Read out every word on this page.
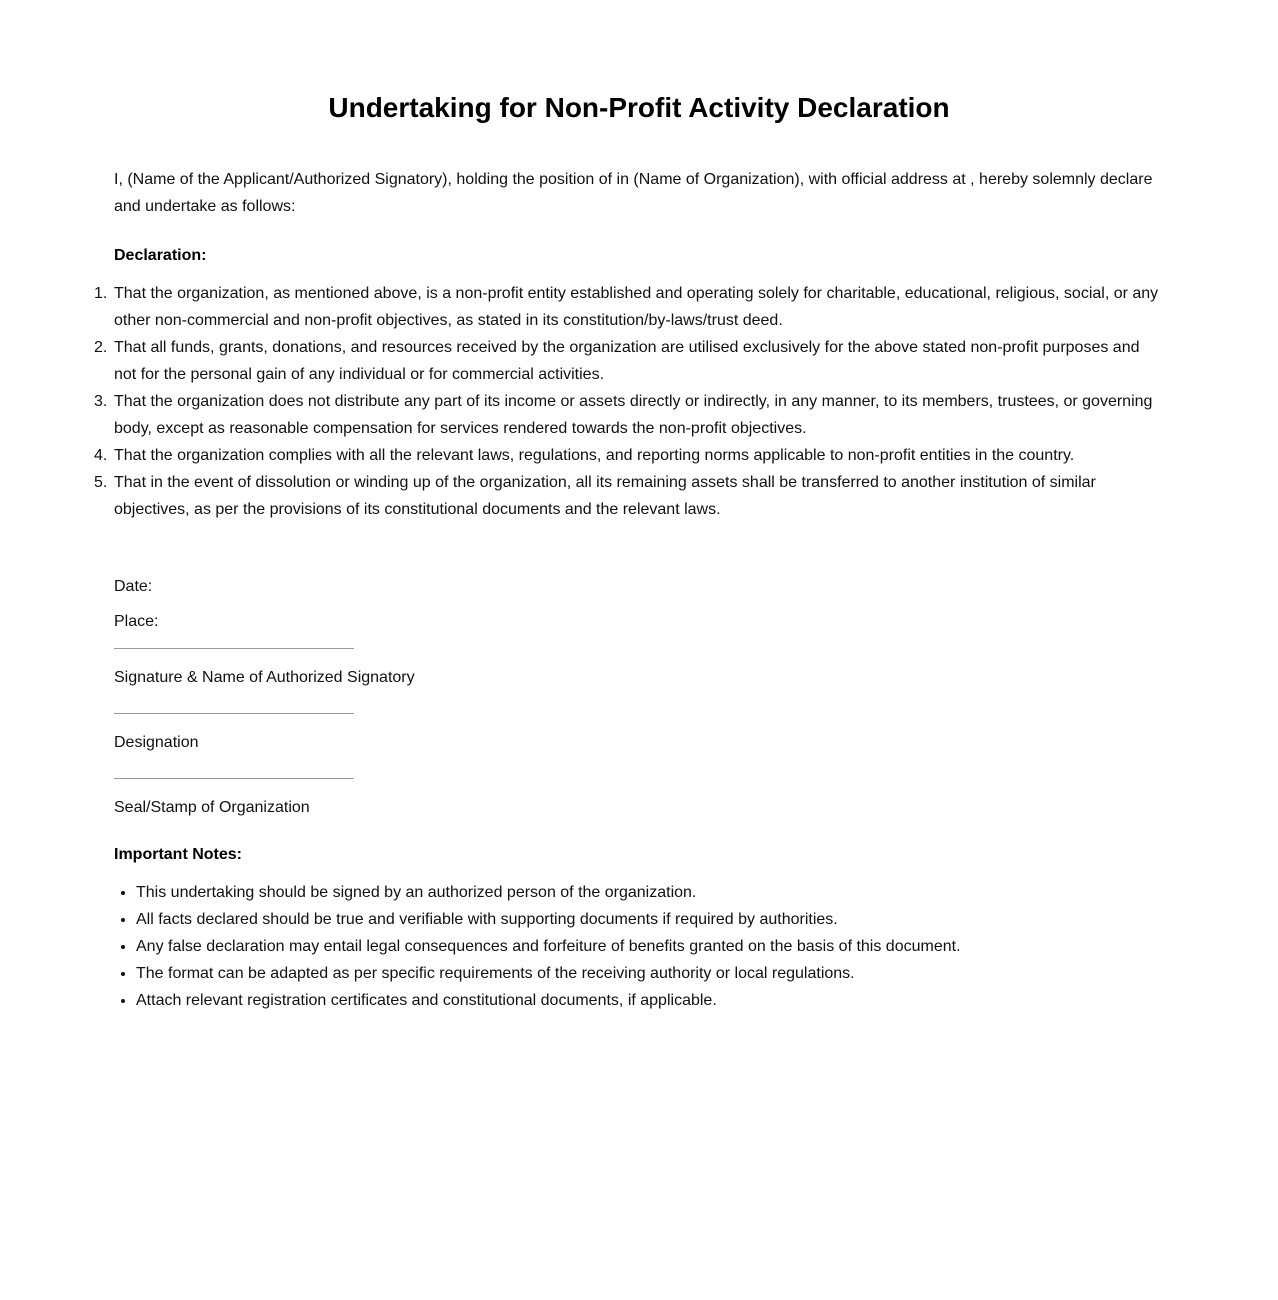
Undertaking for Non-Profit Activity Declaration

I, (Name of the Applicant/Authorized Signatory), holding the position of in (Name of Organization), with official address at , hereby solemnly declare and undertake as follows:

Declaration:
That the organization, as mentioned above, is a non-profit entity established and operating solely for charitable, educational, religious, social, or any other non-commercial and non-profit objectives, as stated in its constitution/by-laws/trust deed.
That all funds, grants, donations, and resources received by the organization are utilised exclusively for the above stated non-profit purposes and not for the personal gain of any individual or for commercial activities.
That the organization does not distribute any part of its income or assets directly or indirectly, in any manner, to its members, trustees, or governing body, except as reasonable compensation for services rendered towards the non-profit objectives.
That the organization complies with all the relevant laws, regulations, and reporting norms applicable to non-profit entities in the country.
That in the event of dissolution or winding up of the organization, all its remaining assets shall be transferred to another institution of similar objectives, as per the provisions of its constitutional documents and the relevant laws.
Date:
Place:
Signature & Name of Authorized Signatory
Designation
Seal/Stamp of Organization
Important Notes:
• This undertaking should be signed by an authorized person of the organization.
• All facts declared should be true and verifiable with supporting documents if required by authorities.
• Any false declaration may entail legal consequences and forfeiture of benefits granted on the basis of this document.
• The format can be adapted as per specific requirements of the receiving authority or local regulations.
• Attach relevant registration certificates and constitutional documents, if applicable.
